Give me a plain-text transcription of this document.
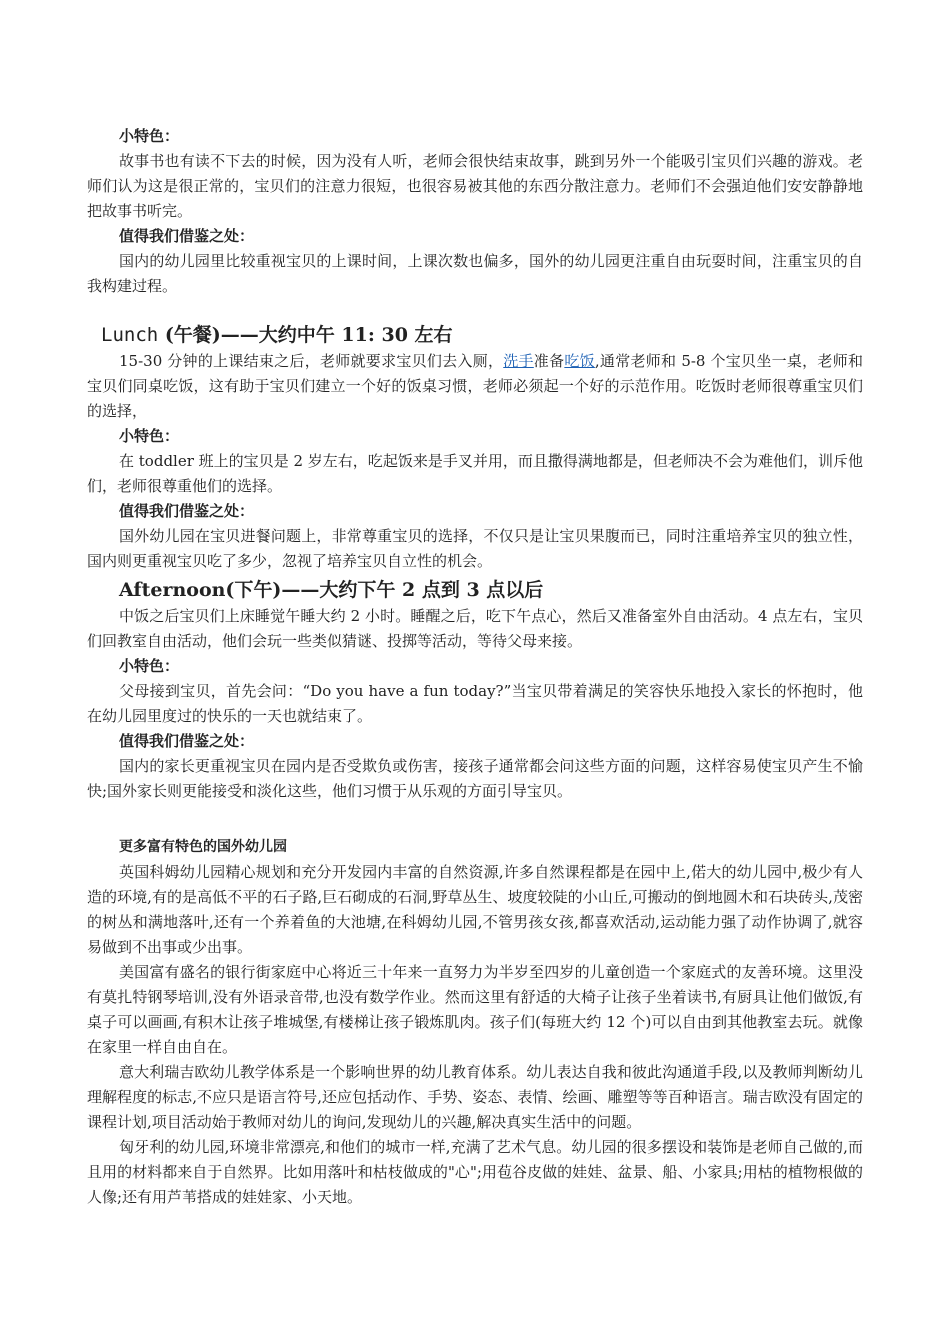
小特色：

故事书也有读不下去的时候，因为没有人听，老师会很快结束故事，跳到另外一个能吸引宝贝们兴趣的游戏。老师们认为这是很正常的，宝贝们的注意力很短，也很容易被其他的东西分散注意力。老师们不会强迫他们安安静静地把故事书听完。

值得我们借鉴之处：

国内的幼儿园里比较重视宝贝的上课时间，上课次数也偏多，国外的幼儿园更注重自由玩耍时间，注重宝贝的自我构建过程。

Lunch (午餐)——大约中午 11: 30 左右

15-30 分钟的上课结束之后，老师就要求宝贝们去入厕，洗手准备吃饭,通常老师和 5-8 个宝贝坐一桌，老师和宝贝们同桌吃饭，这有助于宝贝们建立一个好的饭桌习惯，老师必须起一个好的示范作用。吃饭时老师很尊重宝贝们的选择，

小特色：

在 toddler 班上的宝贝是 2 岁左右，吃起饭来是手叉并用，而且撒得满地都是，但老师决不会为难他们，训斥他们，老师很尊重他们的选择。

值得我们借鉴之处：

国外幼儿园在宝贝进餐问题上，非常尊重宝贝的选择，不仅只是让宝贝果腹而已，同时注重培养宝贝的独立性，国内则更重视宝贝吃了多少，忽视了培养宝贝自立性的机会。

Afternoon(下午)——大约下午 2 点到 3 点以后

中饭之后宝贝们上床睡觉午睡大约 2 小时。睡醒之后，吃下午点心，然后又准备室外自由活动。4 点左右，宝贝们回教室自由活动，他们会玩一些类似猜谜、投掷等活动，等待父母来接。

小特色：

父母接到宝贝，首先会问：“Do you have a fun today?”当宝贝带着满足的笑容快乐地投入家长的怀抱时，他在幼儿园里度过的快乐的一天也就结束了。

值得我们借鉴之处：

国内的家长更重视宝贝在园内是否受欺负或伤害，接孩子通常都会问这些方面的问题，这样容易使宝贝产生不愉快;国外家长则更能接受和淡化这些，他们习惯于从乐观的方面引导宝贝。

更多富有特色的国外幼儿园

英国科姆幼儿园精心规划和充分开发园内丰富的自然资源,许多自然课程都是在园中上,偌大的幼儿园中,极少有人造的环境,有的是高低不平的石子路,巨石砌成的石洞,野草丛生、坡度较陡的小山丘,可搬动的倒地圆木和石块砖头,茂密的树丛和满地落叶,还有一个养着鱼的大池塘,在科姆幼儿园,不管男孩女孩,都喜欢活动,运动能力强了动作协调了,就容易做到不出事或少出事。

美国富有盛名的银行街家庭中心将近三十年来一直努力为半岁至四岁的儿童创造一个家庭式的友善环境。这里没有莫扎特钢琴培训,没有外语录音带,也没有数学作业。然而这里有舒适的大椅子让孩子坐着读书,有厨具让他们做饭,有桌子可以画画,有积木让孩子堆城堡,有楼梯让孩子锻炼肌肉。孩子们(每班大约 12 个)可以自由到其他教室去玩。就像在家里一样自由自在。

意大利瑞吉欧幼儿教学体系是一个影响世界的幼儿教育体系。幼儿表达自我和彼此沟通道手段,以及教师判断幼儿理解程度的标志,不应只是语言符号,还应包括动作、手势、姿态、表情、绘画、雕塑等等百种语言。瑞吉欧没有固定的课程计划,项目活动始于教师对幼儿的询问,发现幼儿的兴趣,解决真实生活中的问题。

匈牙利的幼儿园,环境非常漂亮,和他们的城市一样,充满了艺术气息。幼儿园的很多摆设和装饰是老师自己做的,而且用的材料都来自于自然界。比如用落叶和枯枝做成的"心";用苞谷皮做的娃娃、盆景、船、小家具;用枯的植物根做的人像;还有用芦苇搭成的娃娃家、小天地。
